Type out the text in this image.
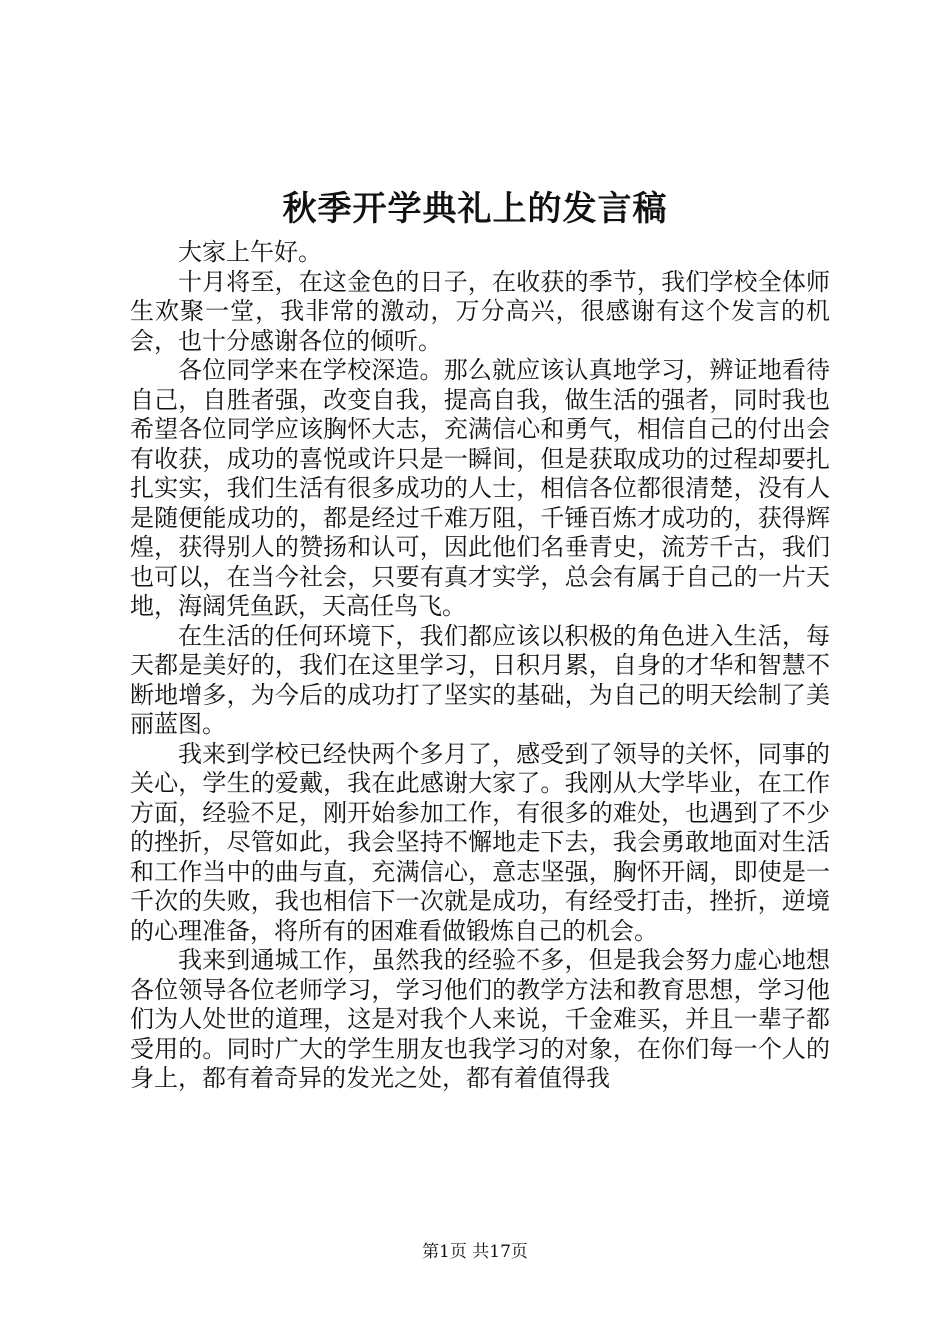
秋季开学典礼上的发言稿

大家上午好。

十月将至，在这金色的日子，在收获的季节，我们学校全体师生欢聚一堂，我非常的激动，万分高兴，很感谢有这个发言的机会，也十分感谢各位的倾听。

各位同学来在学校深造。那么就应该认真地学习，辨证地看待自己，自胜者强，改变自我，提高自我，做生活的强者，同时我也希望各位同学应该胸怀大志，充满信心和勇气，相信自己的付出会有收获，成功的喜悦或许只是一瞬间，但是获取成功的过程却要扎扎实实，我们生活有很多成功的人士，相信各位都很清楚，没有人是随便能成功的，都是经过千难万阻，千锤百炼才成功的，获得辉煌，获得别人的赞扬和认可，因此他们名垂青史，流芳千古，我们也可以，在当今社会，只要有真才实学，总会有属于自己的一片天地，海阔凭鱼跃，天高任鸟飞。

在生活的任何环境下，我们都应该以积极的角色进入生活，每天都是美好的，我们在这里学习，日积月累，自身的才华和智慧不断地增多，为今后的成功打了坚实的基础，为自己的明天绘制了美丽蓝图。

我来到学校已经快两个多月了，感受到了领导的关怀，同事的关心，学生的爱戴，我在此感谢大家了。我刚从大学毕业，在工作方面，经验不足，刚开始参加工作，有很多的难处，也遇到了不少的挫折，尽管如此，我会坚持不懈地走下去，我会勇敢地面对生活和工作当中的曲与直，充满信心，意志坚强，胸怀开阔，即使是一千次的失败，我也相信下一次就是成功，有经受打击，挫折，逆境的心理准备，将所有的困难看做锻炼自己的机会。

我来到通城工作，虽然我的经验不多，但是我会努力虚心地想各位领导各位老师学习，学习他们的教学方法和教育思想，学习他们为人处世的道理，这是对我个人来说，千金难买，并且一辈子都受用的。同时广大的学生朋友也我学习的对象，在你们每一个人的身上，都有着奇异的发光之处，都有着值得我

第1页 共17页
